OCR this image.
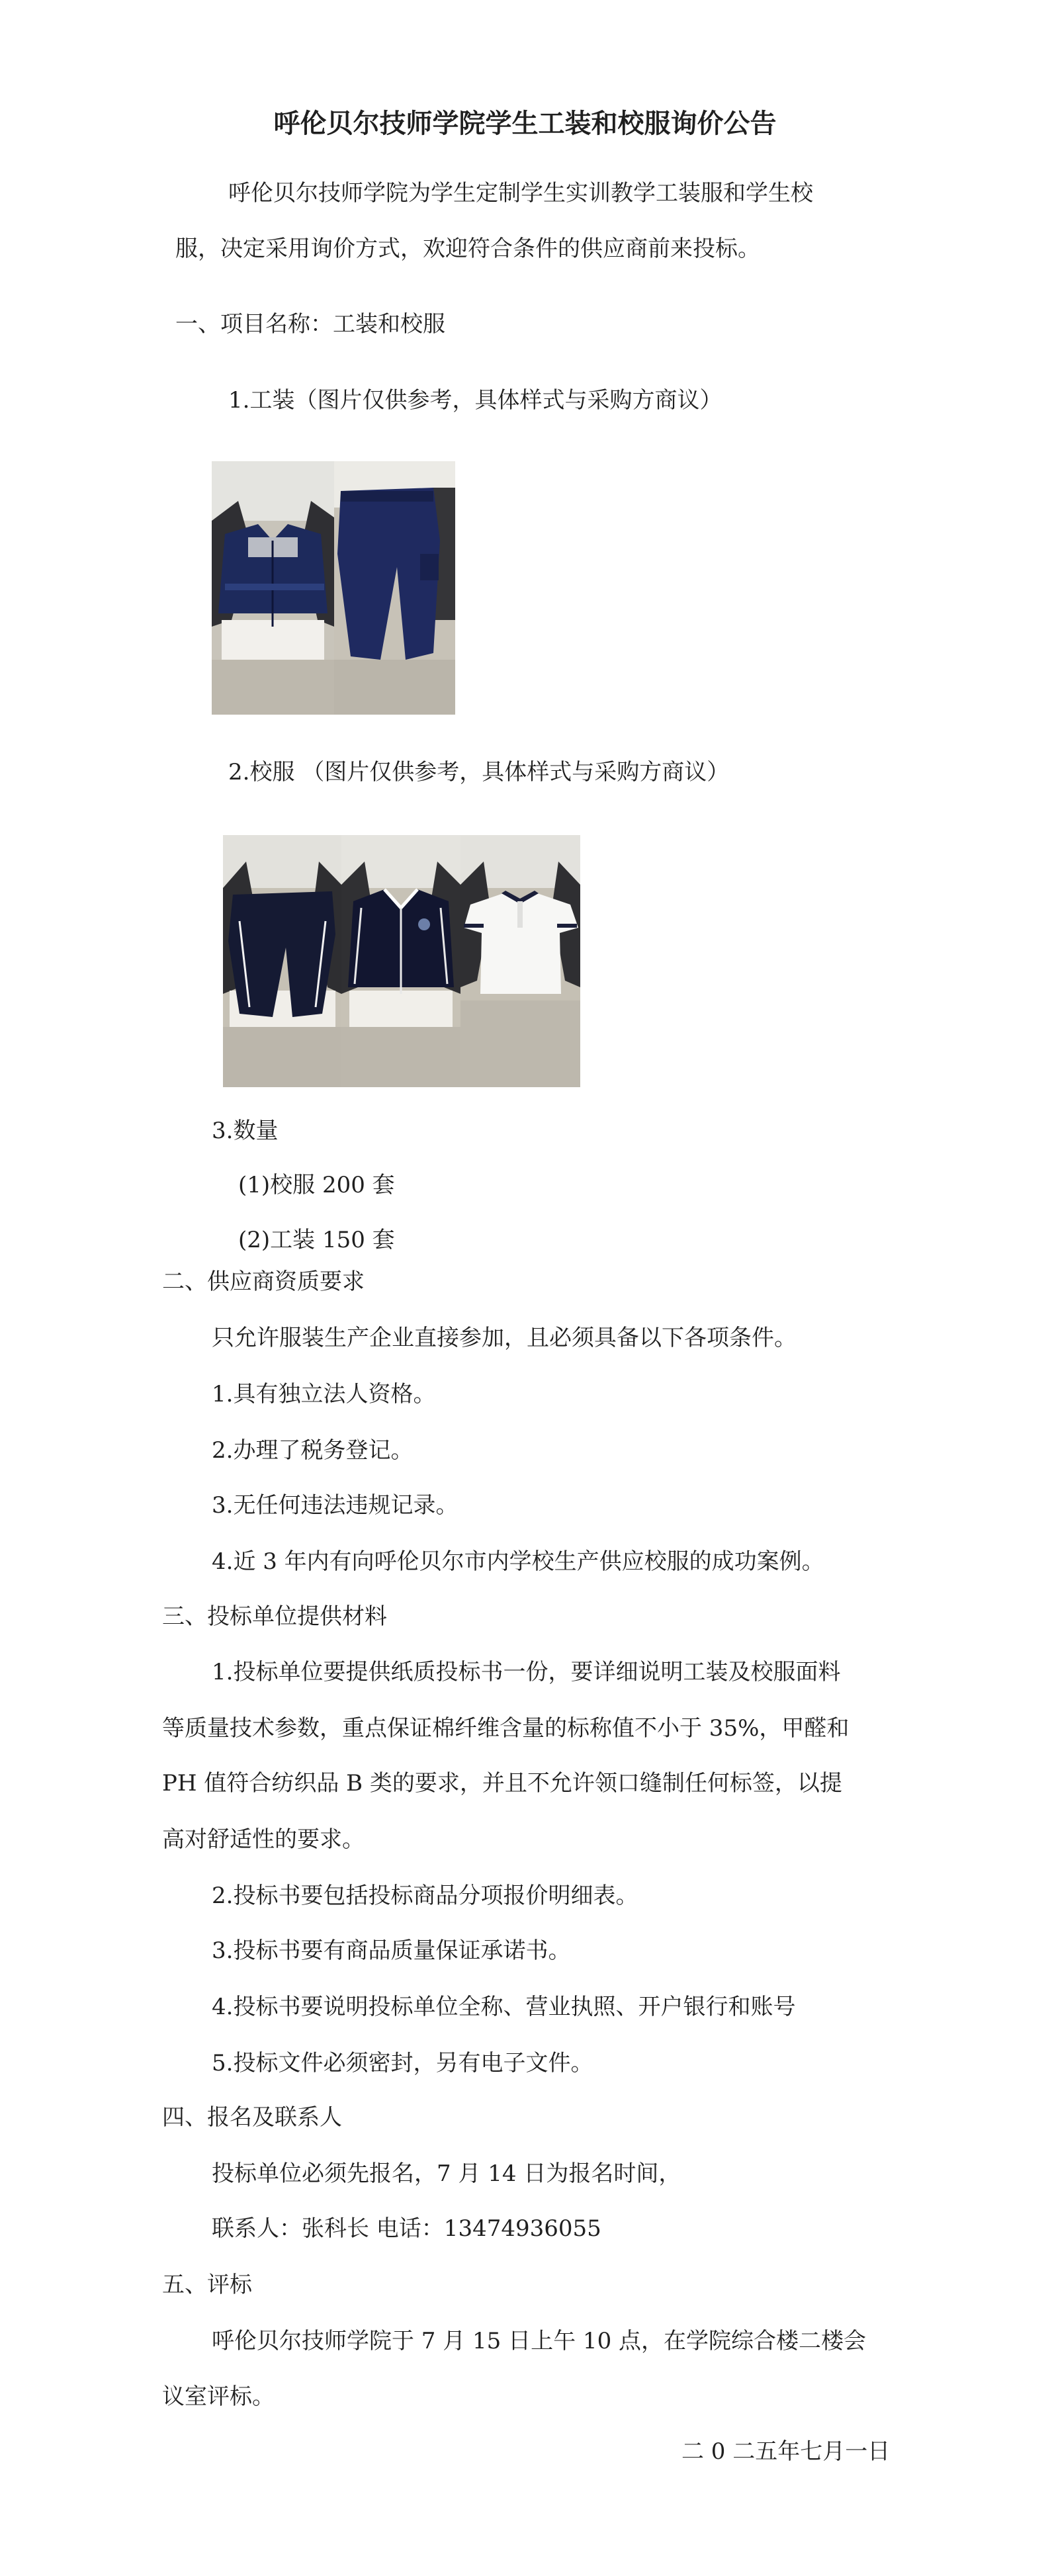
呼伦贝尔技师学院学生工装和校服询价公告

呼伦贝尔技师学院为学生定制学生实训教学工装服和学生校

服，决定采用询价方式，欢迎符合条件的供应商前来投标。

一、项目名称：工装和校服

1.工装（图片仅供参考，具体样式与采购方商议）

2.校服 （图片仅供参考，具体样式与采购方商议）

3.数量

(1)校服 200 套

(2)工装 150 套

二、供应商资质要求

只允许服装生产企业直接参加，且必须具备以下各项条件。

1.具有独立法人资格。

2.办理了税务登记。

3.无任何违法违规记录。

4.近 3 年内有向呼伦贝尔市内学校生产供应校服的成功案例。

三、投标单位提供材料

1.投标单位要提供纸质投标书一份，要详细说明工装及校服面料

等质量技术参数，重点保证棉纤维含量的标称值不小于 35%，甲醛和

PH 值符合纺织品 B 类的要求，并且不允许领口缝制任何标签，以提

高对舒适性的要求。

2.投标书要包括投标商品分项报价明细表。

3.投标书要有商品质量保证承诺书。

4.投标书要说明投标单位全称、营业执照、开户银行和账号

5.投标文件必须密封，另有电子文件。

四、报名及联系人

投标单位必须先报名，7 月 14 日为报名时间，

联系人：张科长 电话：13474936055

五、评标

呼伦贝尔技师学院于 7 月 15 日上午 10 点，在学院综合楼二楼会

议室评标。

二 0 二五年七月一日
